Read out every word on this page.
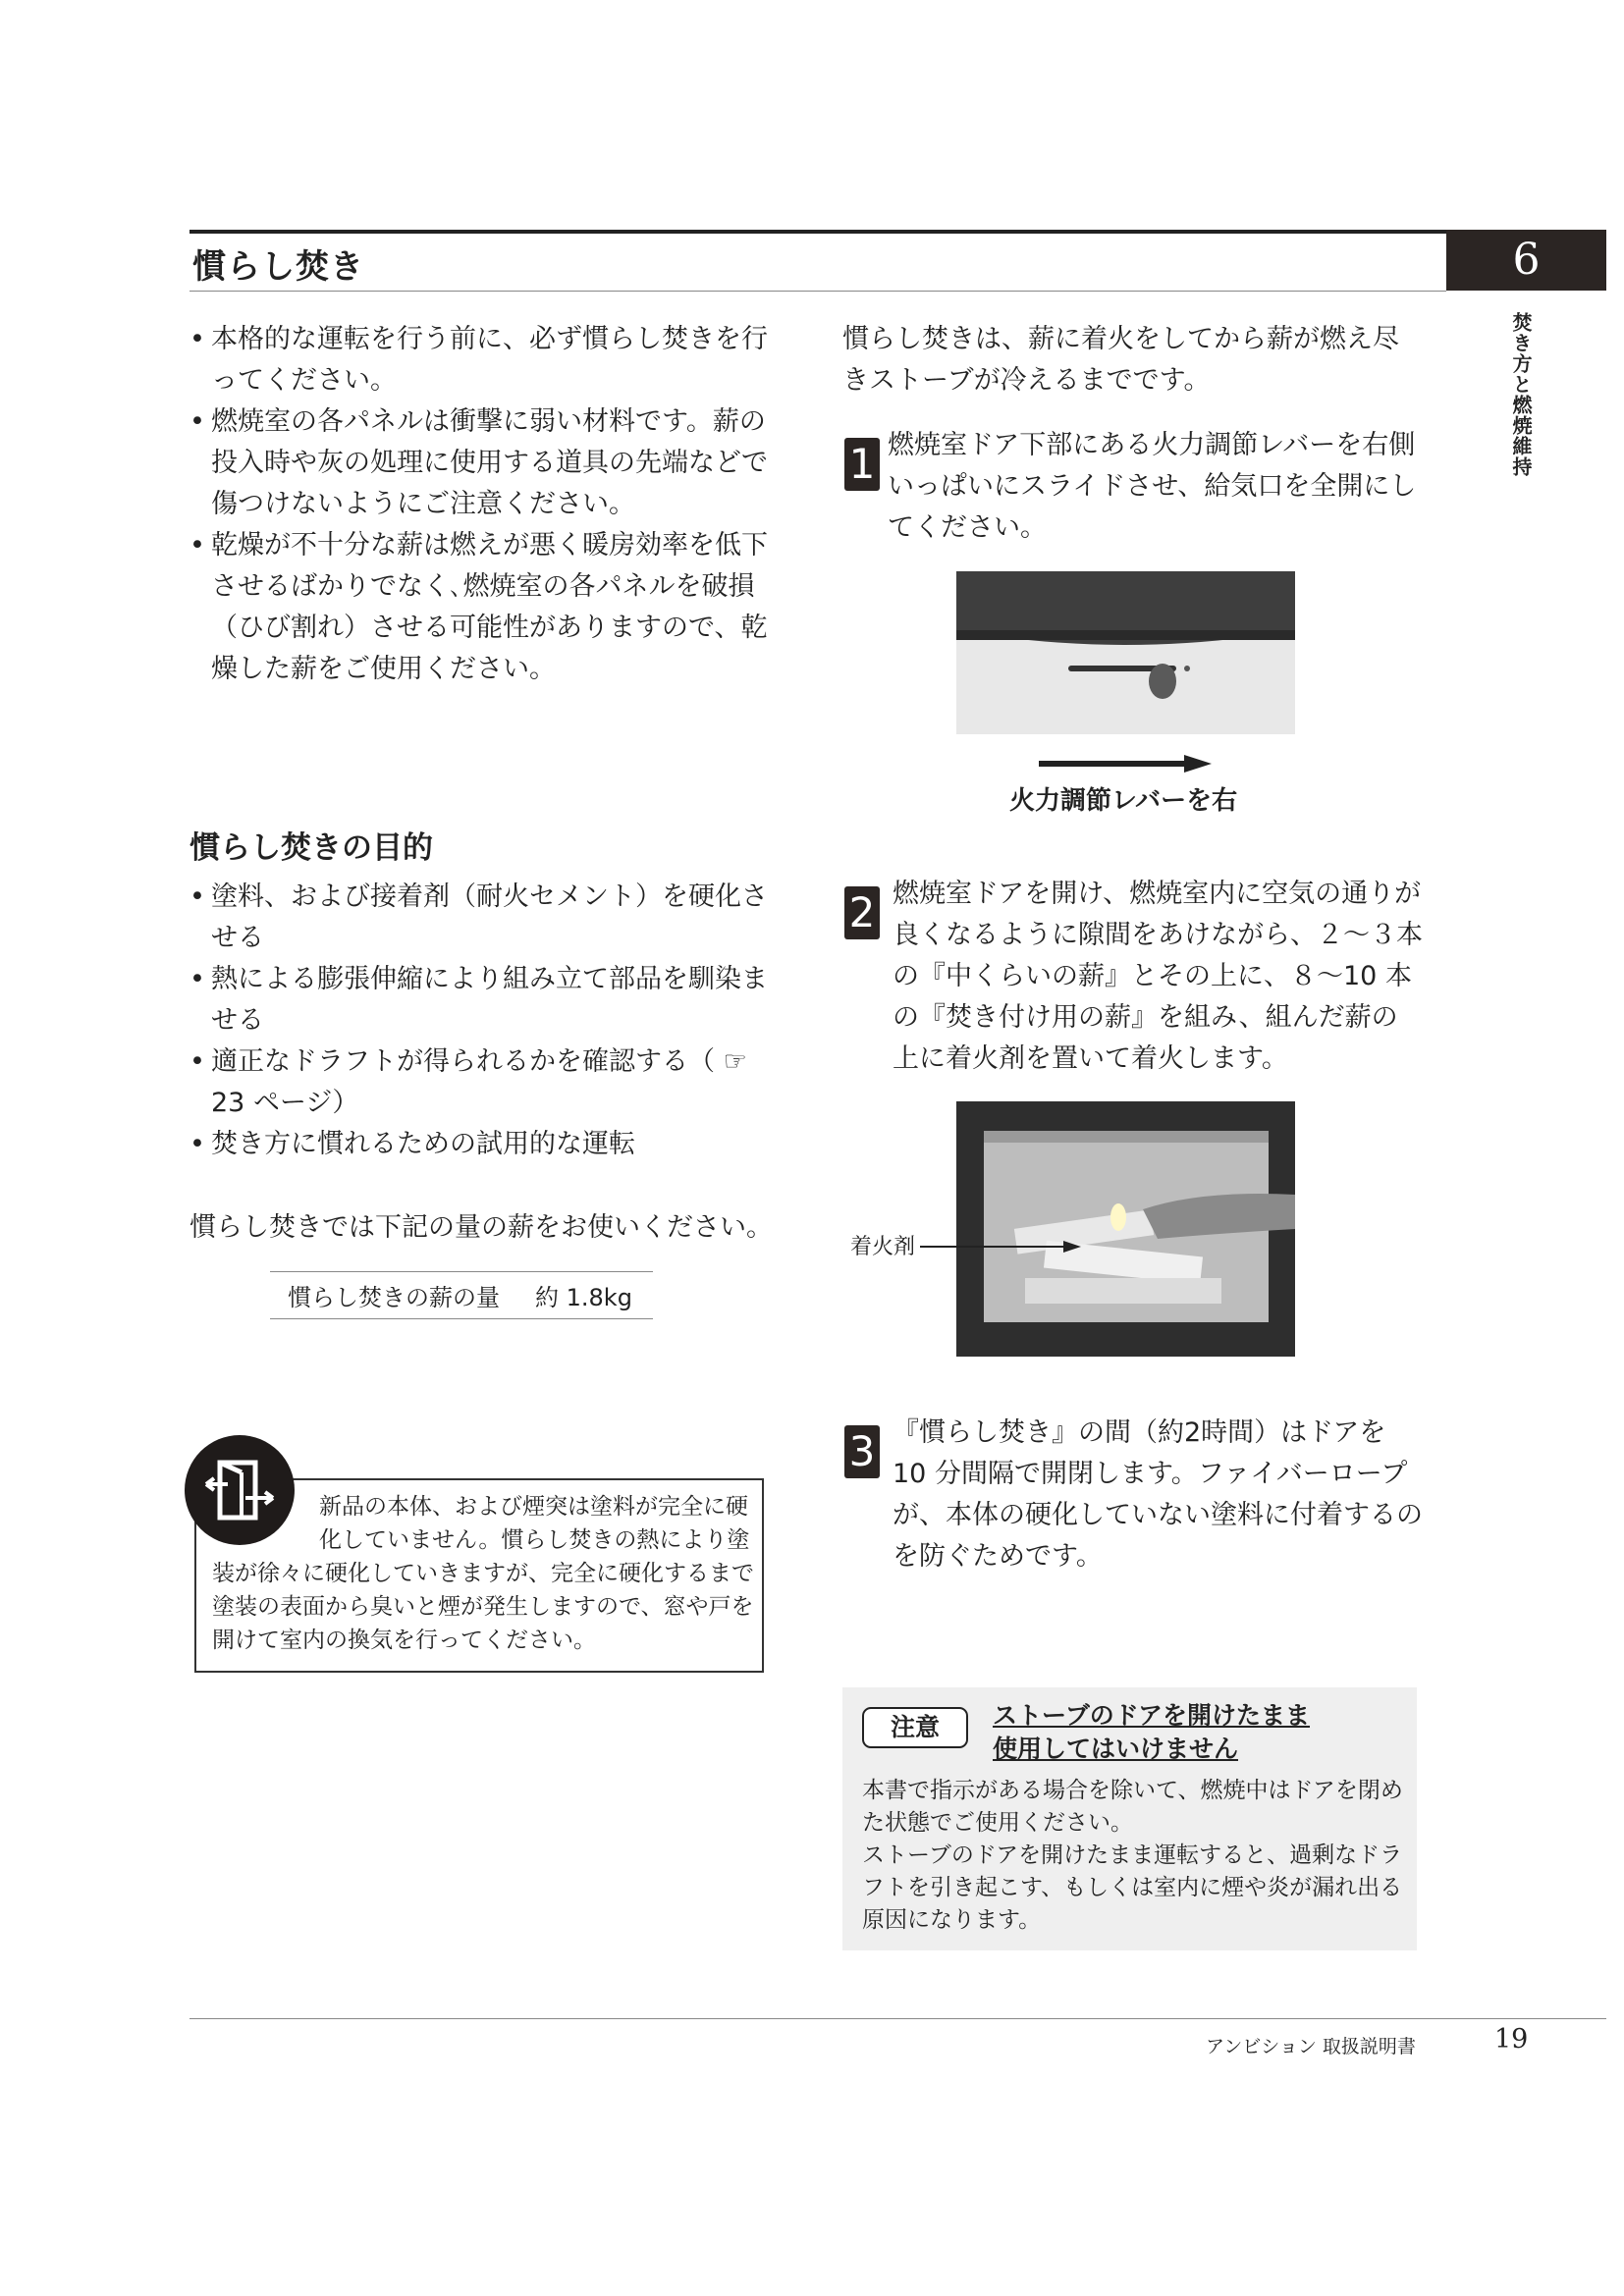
慣らし焚き	6
焚き方と燃焼維持
• 本格的な運転を行う前に、必ず慣らし焚きを行ってください。
• 燃焼室の各パネルは衝撃に弱い材料です。薪の投入時や灰の処理に使用する道具の先端などで傷つけないようにご注意ください。
• 乾燥が不十分な薪は燃えが悪く暖房効率を低下させるばかりでなく､燃焼室の各パネルを破損（ひび割れ）させる可能性がありますので、乾燥した薪をご使用ください。
慣らし焚きの目的
• 塗料、および接着剤（耐火セメント）を硬化させる
• 熱による膨張伸縮により組み立て部品を馴染ませる
• 適正なドラフトが得られるかを確認する（ ☞ 23 ページ）
• 焚き方に慣れるための試用的な運転
慣らし焚きでは下記の量の薪をお使いください。
慣らし焚きの薪の量	約 1.8kg
新品の本体、および煙突は塗料が完全に硬化していません。慣らし焚きの熱により塗
装が徐々に硬化していきますが、完全に硬化するまで塗装の表面から臭いと煙が発生しますので、窓や戸を開けて室内の換気を行ってください。
慣らし焚きは、薪に着火をしてから薪が燃え尽きストーブが冷えるまでです。
1 燃焼室ドア下部にある火力調節レバーを右側いっぱいにスライドさせ、給気口を全開にしてください。
火力調節レバーを右
2 燃焼室ドアを開け、燃焼室内に空気の通りが良くなるように隙間をあけながら、２～３本の『中くらいの薪』とその上に、８～10 本の『焚き付け用の薪』を組み、組んだ薪の上に着火剤を置いて着火します。
着火剤
3 『慣らし焚き』の間（約2時間）はドアを 10 分間隔で開閉します。ファイバーロープが、本体の硬化していない塗料に付着するのを防ぐためです。
注意	ストーブのドアを開けたまま
使用してはいけません
本書で指示がある場合を除いて、燃焼中はドアを閉めた状態でご使用ください。
ストーブのドアを開けたまま運転すると、過剰なドラフトを引き起こす、もしくは室内に煙や炎が漏れ出る原因になります。
アンビション 取扱説明書	19
